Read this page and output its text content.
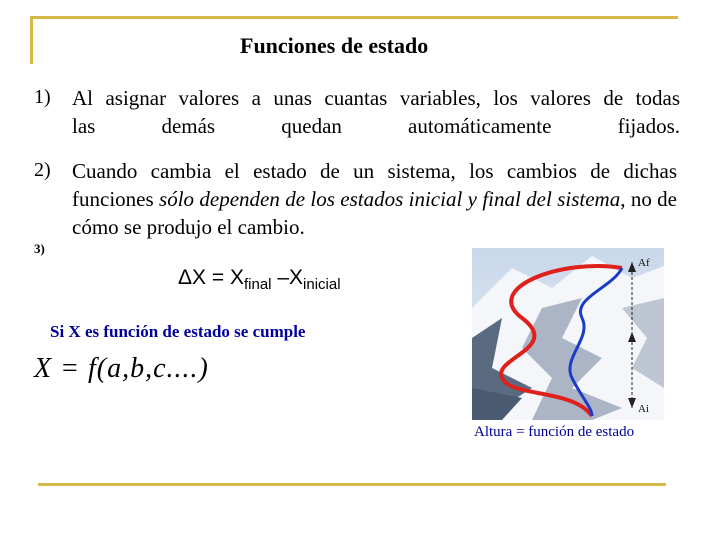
Funciones de estado
1) Al asignar valores a unas cuantas variables, los valores de todas
las demás quedan automáticamente fijados.
2) Cuando cambia el estado de un sistema, los cambios de dichas funciones sólo dependen de los estados inicial y final del sistema, no de cómo se produjo el cambio.
3)
$\Delta X = X_{final}$ $-X_{inicial}$
Si X es función de estado se cumple
X = f(a,b,c....)
Af
Ai
Altura = función de estado
